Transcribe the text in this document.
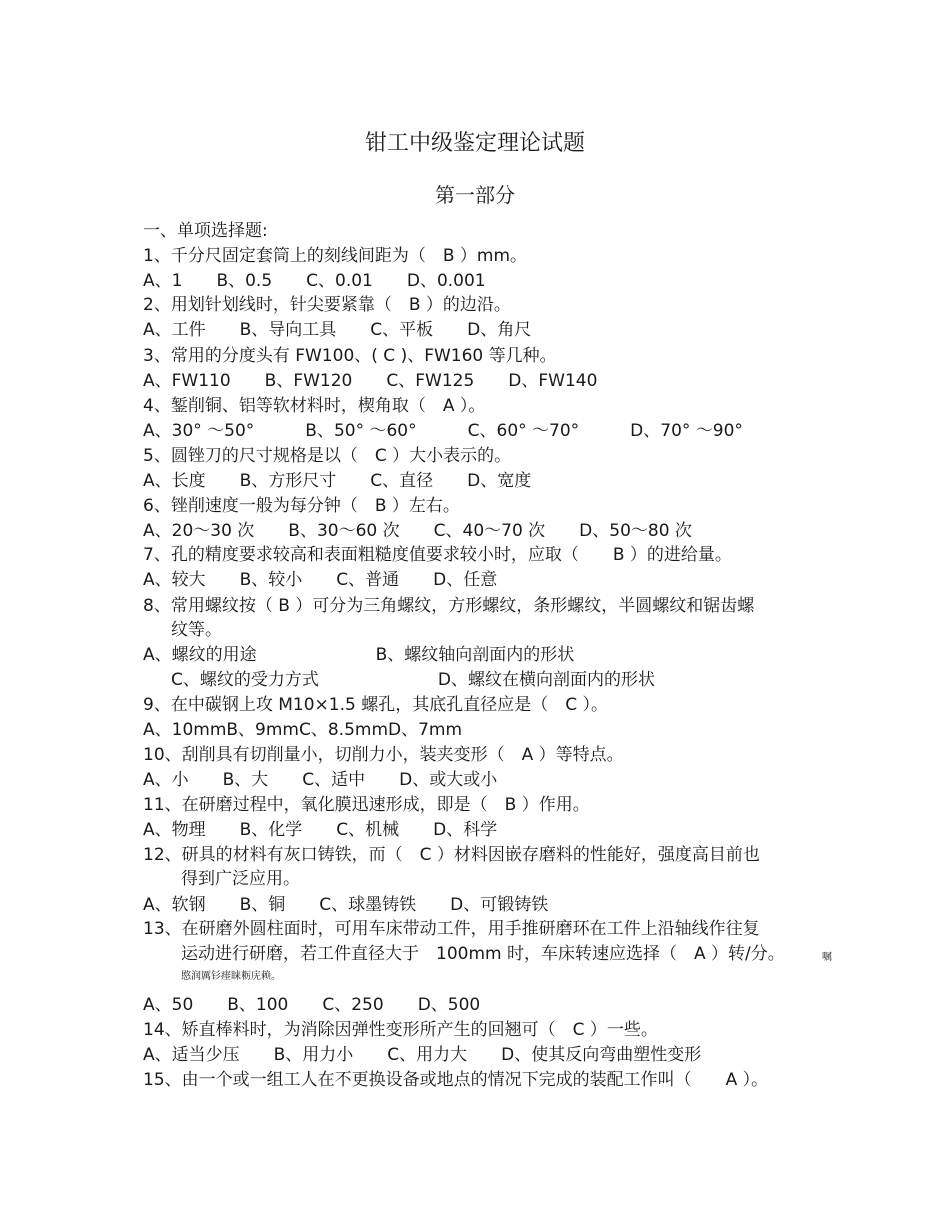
钳工中级鉴定理论试题
第一部分
一、单项选择题:
1、千分尺固定套筒上的刻线间距为（　B ）mm。
A、1　　B、0.5　　C、0.01　　D、0.001
2、用划针划线时，针尖要紧靠（　B ）的边沿。
A、工件　　B、导向工具　　C、平板　　D、角尺
3、常用的分度头有 FW100、( C )、FW160 等几种。
A、FW110　　B、FW120　　C、FW125　　D、FW140
4、錾削铜、铝等软材料时，楔角取（　A ）。
A、30° ～50°　　　B、50° ～60°　　　C、60° ～70°　　　D、70° ～90°
5、圆锉刀的尺寸规格是以（　C ）大小表示的。
A、长度　　B、方形尺寸　　C、直径　　D、宽度
6、锉削速度一般为每分钟（　B ）左右。
A、20～30 次　　B、30～60 次　　C、40～70 次　　D、50～80 次
7、孔的精度要求较高和表面粗糙度值要求较小时，应取（　　B ）的进给量。
A、较大　　B、较小　　C、普通　　D、任意
8、常用螺纹按（ B ）可分为三角螺纹，方形螺纹，条形螺纹，半圆螺纹和锯齿螺
纹等。
A、螺纹的用途　　　　　　　B、螺纹轴向剖面内的形状
C、螺纹的受力方式　　　　　　　D、螺纹在横向剖面内的形状
9、在中碳钢上攻 M10×1.5 螺孔，其底孔直径应是（　C ）。
A、10mmB、9mmC、8.5mmD、7mm
10、刮削具有切削量小，切削力小，装夹变形（　A ）等特点。
A、小　　B、大　　C、适中　　D、或大或小
11、在研磨过程中，氧化膜迅速形成，即是（　B ）作用。
A、物理　　B、化学　　C、机械　　D、科学
12、研具的材料有灰口铸铁，而（　C ）材料因嵌存磨料的性能好，强度高目前也
得到广泛应用。
A、软钢　　B、铜　　C、球墨铸铁　　D、可锻铸铁
13、在研磨外圆柱面时，可用车床带动工件，用手推研磨环在工件上沿轴线作往复
运动进行研磨，若工件直径大于　100mm 时，车床转速应选择（　A ）转/分。	嘱
愍润厲钐瘗睐粝庑赖。
A、50　　B、100　　C、250　　D、500
14、矫直棒料时，为消除因弹性变形所产生的回翘可（　C ）一些。
A、适当少压　　B、用力小　　C、用力大　　D、使其反向弯曲塑性变形
15、由一个或一组工人在不更换设备或地点的情况下完成的装配工作叫（　　A ）。
